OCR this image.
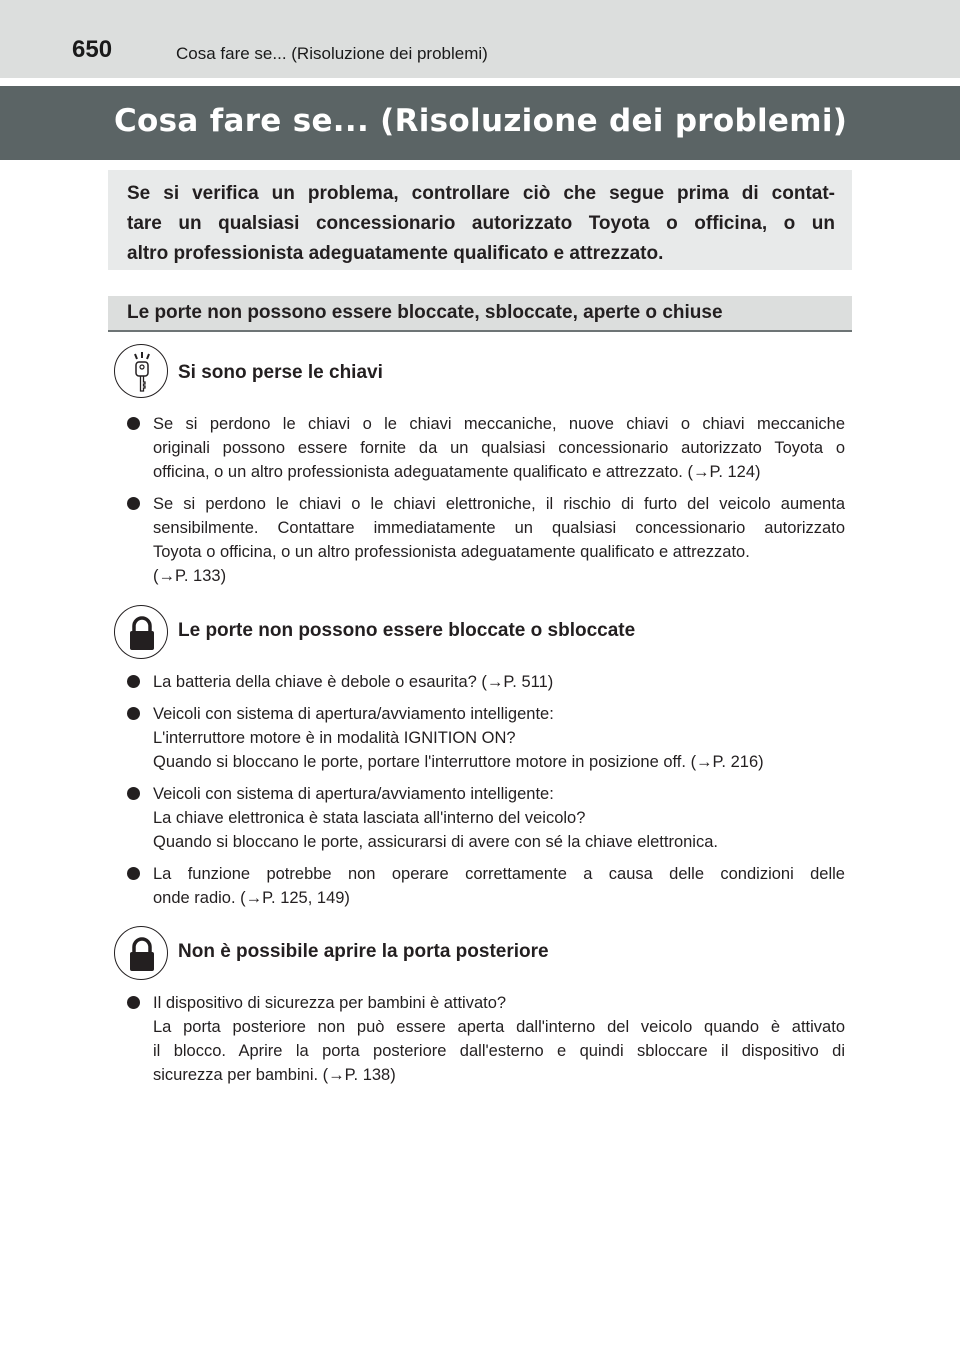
650	Cosa fare se... (Risoluzione dei problemi)
Cosa fare se... (Risoluzione dei problemi)

Se si verifica un problema, controllare ciò che segue prima di contat-
tare un qualsiasi concessionario autorizzato Toyota o officina, o un
altro professionista adeguatamente qualificato e attrezzato.

Le porte non possono essere bloccate, sbloccate, aperte o chiuse
Si sono perse le chiavi
Se si perdono le chiavi o le chiavi meccaniche, nuove chiavi o chiavi meccaniche
originali possono essere fornite da un qualsiasi concessionario autorizzato Toyota o
officina, o un altro professionista adeguatamente qualificato e attrezzato. (→P. 124)
Se si perdono le chiavi o le chiavi elettroniche, il rischio di furto del veicolo aumenta
sensibilmente. Contattare immediatamente un qualsiasi concessionario autorizzato
Toyota o officina, o un altro professionista adeguatamente qualificato e attrezzato.
(→P. 133)
Le porte non possono essere bloccate o sbloccate
La batteria della chiave è debole o esaurita? (→P. 511)
Veicoli con sistema di apertura/avviamento intelligente:
L'interruttore motore è in modalità IGNITION ON?
Quando si bloccano le porte, portare l'interruttore motore in posizione off. (→P. 216)
Veicoli con sistema di apertura/avviamento intelligente:
La chiave elettronica è stata lasciata all'interno del veicolo?
Quando si bloccano le porte, assicurarsi di avere con sé la chiave elettronica.
La funzione potrebbe non operare correttamente a causa delle condizioni delle
onde radio. (→P. 125, 149)
Non è possibile aprire la porta posteriore
Il dispositivo di sicurezza per bambini è attivato?
La porta posteriore non può essere aperta dall'interno del veicolo quando è attivato
il blocco. Aprire la porta posteriore dall'esterno e quindi sbloccare il dispositivo di
sicurezza per bambini. (→P. 138)
